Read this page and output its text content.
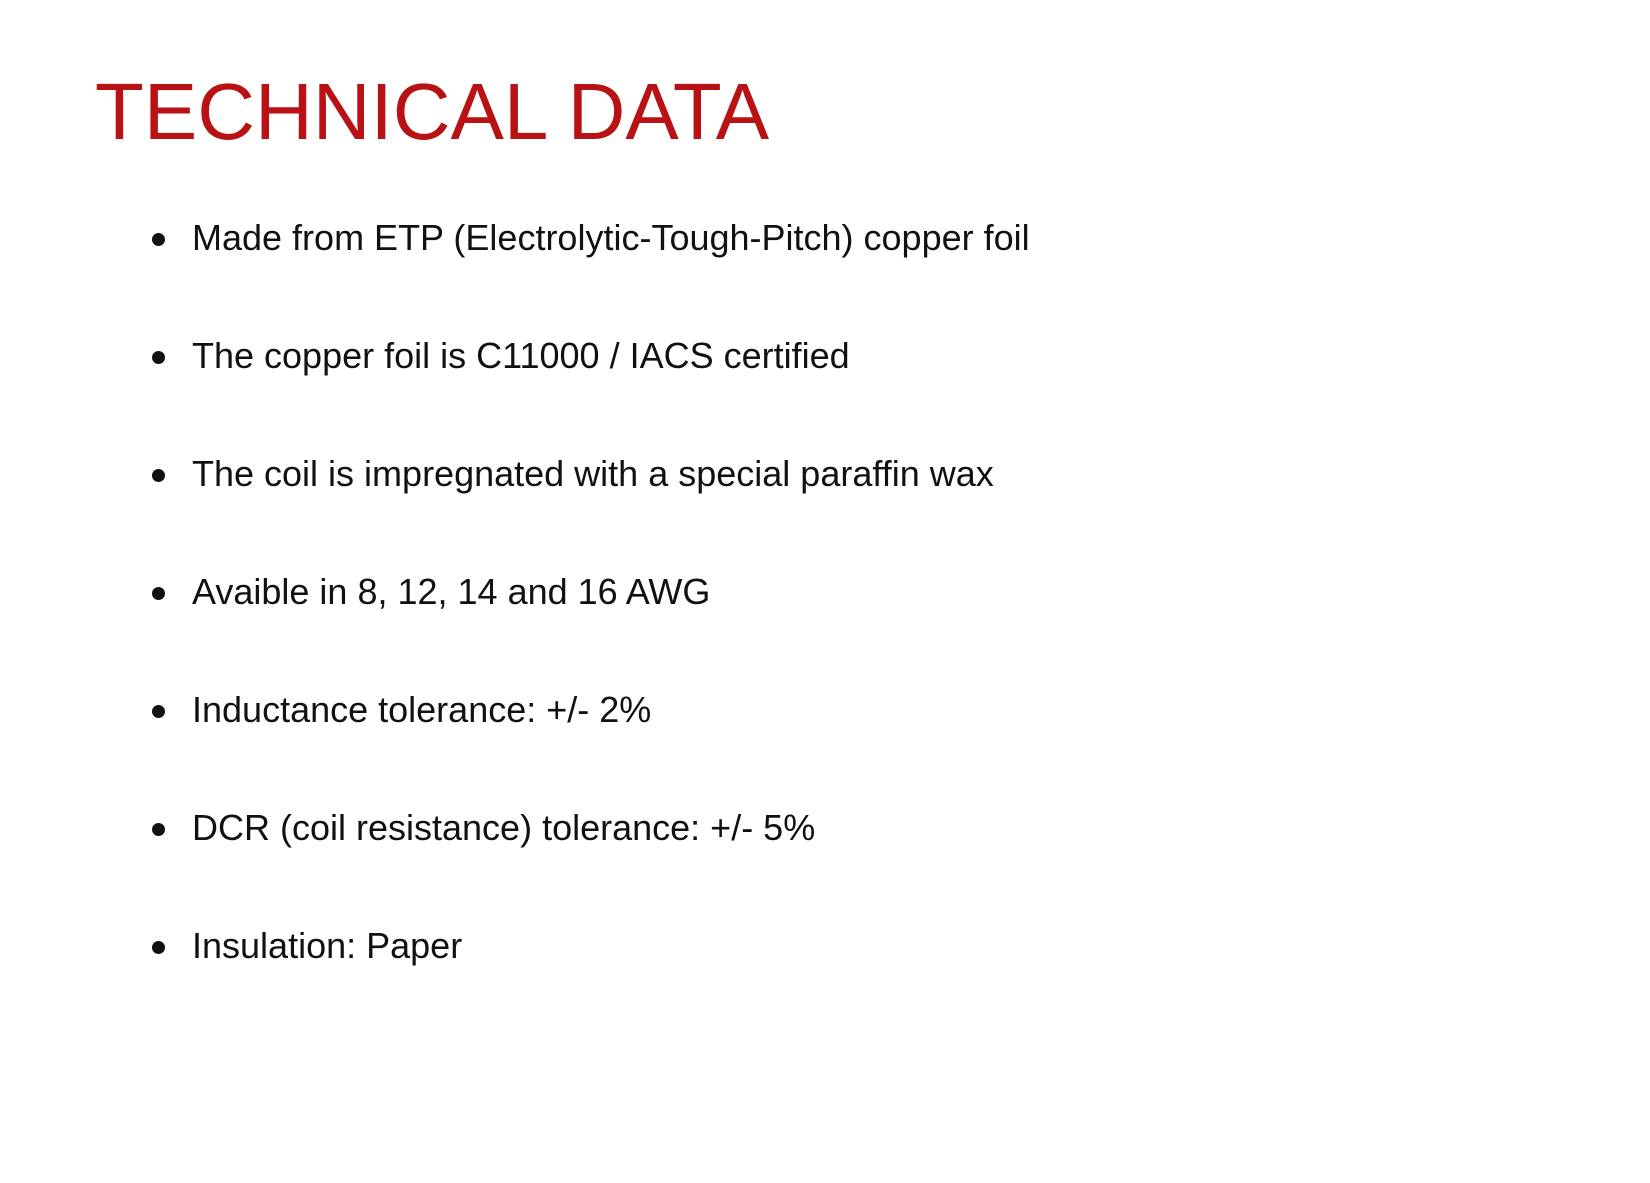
TECHNICAL DATA
Made from ETP (Electrolytic-Tough-Pitch) copper foil
The copper foil is C11000 / IACS certified
The coil is impregnated with a special paraffin wax
Avaible in 8, 12, 14 and 16 AWG
Inductance tolerance: +/- 2%
DCR (coil resistance) tolerance: +/- 5%
Insulation: Paper
